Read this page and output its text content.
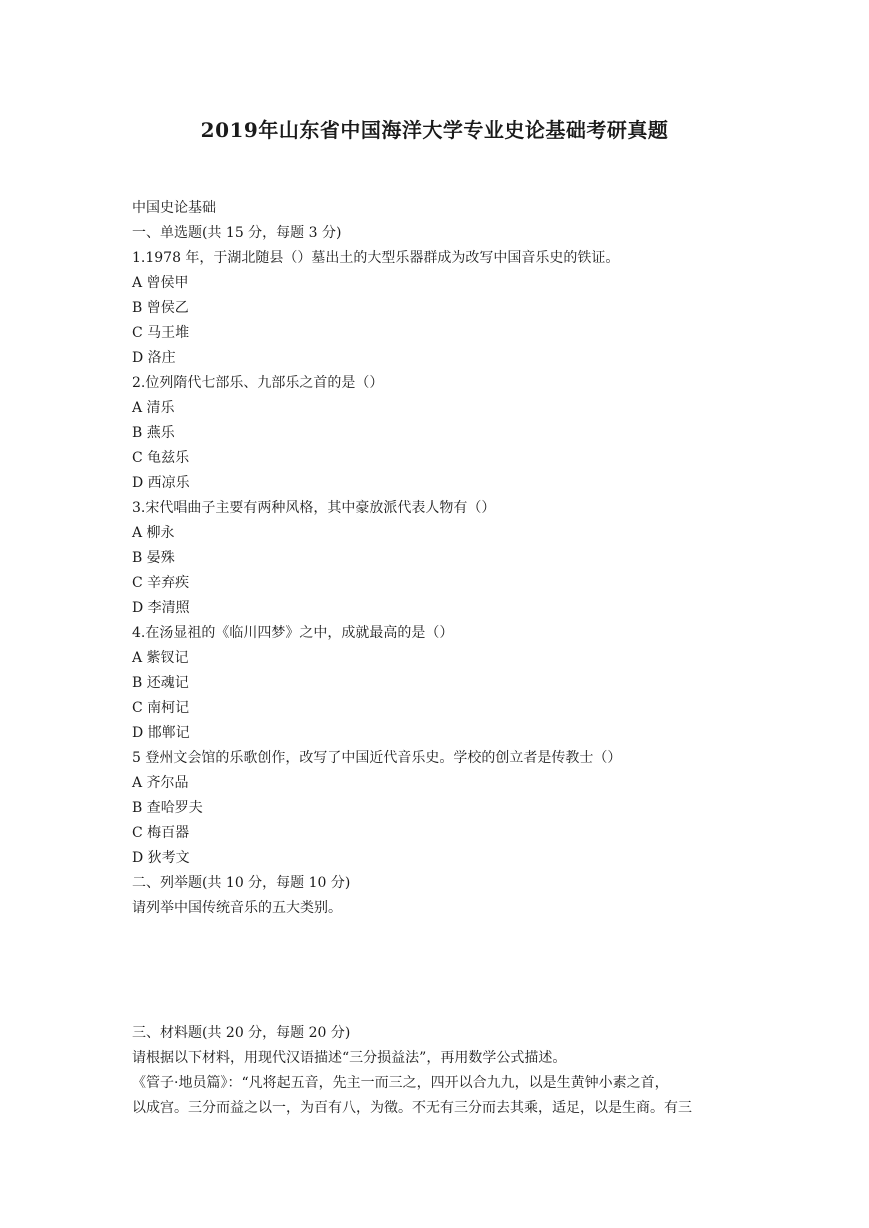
2019年山东省中国海洋大学专业史论基础考研真题
中国史论基础
一、单选题(共 15 分，每题 3 分)
1.1978 年，于湖北随县（）墓出土的大型乐器群成为改写中国音乐史的铁证。
A 曾侯甲
B 曾侯乙
C 马王堆
D 洛庄
2.位列隋代七部乐、九部乐之首的是（）
A 清乐
B 燕乐
C 龟兹乐
D 西凉乐
3.宋代唱曲子主要有两种风格，其中豪放派代表人物有（）
A 柳永
B 晏殊
C 辛弃疾
D 李清照
4.在汤显祖的《临川四梦》之中，成就最高的是（）
A 紫钗记
B 还魂记
C 南柯记
D 邯郸记
5 登州文会馆的乐歌创作，改写了中国近代音乐史。学校的创立者是传教士（）
A 齐尔品
B 查哈罗夫
C 梅百器
D 狄考文
二、列举题(共 10 分，每题 10 分)
请列举中国传统音乐的五大类别。
三、材料题(共 20 分，每题 20 分)
请根据以下材料，用现代汉语描述“三分损益法”，再用数学公式描述。
《管子·地员篇》：“凡将起五音，先主一而三之，四开以合九九，以是生黄钟小素之首，
以成宫。三分而益之以一，为百有八，为徵。不无有三分而去其乘，适足，以是生商。有三
